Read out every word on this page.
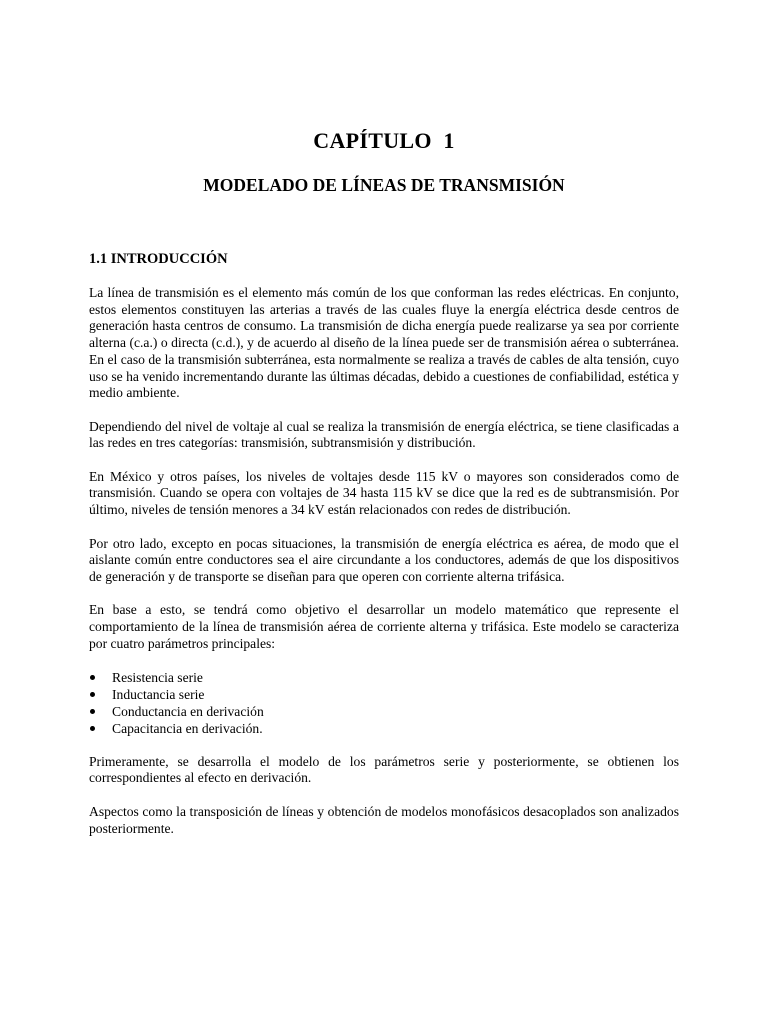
CAPÍTULO  1
MODELADO DE LÍNEAS DE TRANSMISIÓN
1.1 INTRODUCCIÓN

La línea de transmisión es el elemento más común de los que conforman las redes eléctricas. En conjunto, estos elementos constituyen las arterias a través de las cuales fluye la energía eléctrica desde centros de generación hasta centros de consumo. La transmisión de dicha energía puede realizarse ya sea por corriente alterna (c.a.) o directa (c.d.), y de acuerdo al diseño de la línea puede ser de transmisión aérea o subterránea. En el caso de la transmisión subterránea, esta normalmente se realiza a través de cables de alta tensión, cuyo uso se ha venido incrementando durante las últimas décadas, debido a cuestiones de confiabilidad, estética y medio ambiente.

Dependiendo del nivel de voltaje al cual se realiza la transmisión de energía eléctrica, se tiene clasificadas a las redes en tres categorías: transmisión, subtransmisión y distribución.

En México y otros países, los niveles de voltajes desde 115 kV o mayores son considerados como de transmisión. Cuando se opera con voltajes de 34 hasta 115 kV se dice que la red es de subtransmisión. Por último, niveles de tensión menores a 34 kV están relacionados con redes de distribución.

Por otro lado, excepto en pocas situaciones, la transmisión de energía eléctrica es aérea, de modo que el aislante común entre conductores sea el aire circundante a los conductores, además de que los dispositivos de generación y de transporte se diseñan para que operen con corriente alterna trifásica.

En base a esto, se tendrá como objetivo el desarrollar un modelo matemático que represente el comportamiento de la línea de transmisión aérea de corriente alterna y trifásica. Este modelo se caracteriza por cuatro parámetros principales:

Resistencia serie
Inductancia serie
Conductancia en derivación
Capacitancia en derivación.

Primeramente, se desarrolla el modelo de los parámetros serie y posteriormente, se obtienen los correspondientes al efecto en derivación.

Aspectos como la transposición de líneas y obtención de modelos monofásicos desacoplados son analizados posteriormente.
